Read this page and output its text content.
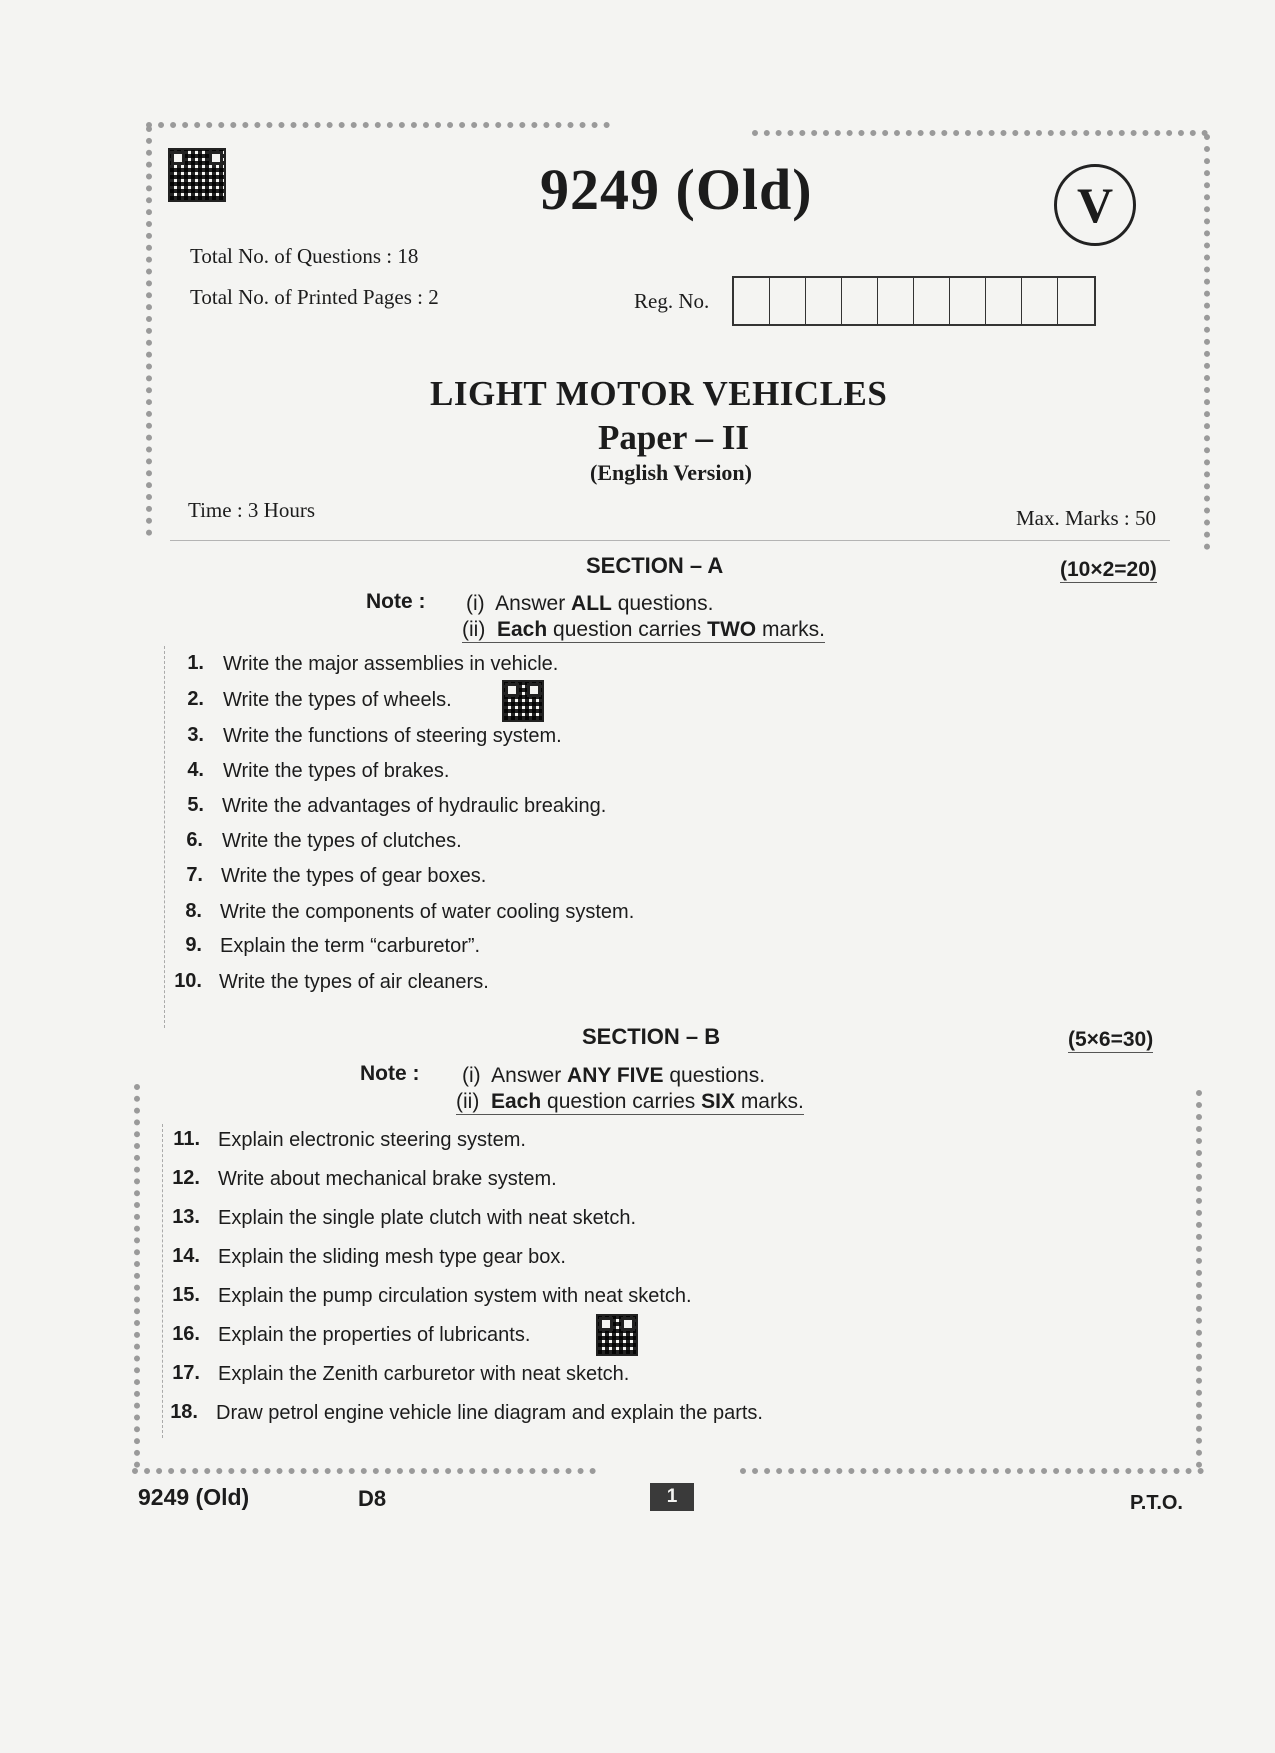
9249 (Old)	V
Total No. of Questions : 18
Total No. of Printed Pages : 2	Reg. No.
LIGHT MOTOR VEHICLES
Paper – II
(English Version)
Time : 3 Hours	Max. Marks : 50
SECTION – A	(10×2=20)
Note : (i) Answer ALL questions.
(ii) Each question carries TWO marks.
1. Write the major assemblies in vehicle.
2. Write the types of wheels.
3. Write the functions of steering system.
4. Write the types of brakes.
5. Write the advantages of hydraulic breaking.
6. Write the types of clutches.
7. Write the types of gear boxes.
8. Write the components of water cooling system.
9. Explain the term “carburetor”.
10. Write the types of air cleaners.
SECTION – B	(5×6=30)
Note : (i) Answer ANY FIVE questions.
(ii) Each question carries SIX marks.
11. Explain electronic steering system.
12. Write about mechanical brake system.
13. Explain the single plate clutch with neat sketch.
14. Explain the sliding mesh type gear box.
15. Explain the pump circulation system with neat sketch.
16. Explain the properties of lubricants.
17. Explain the Zenith carburetor with neat sketch.
18. Draw petrol engine vehicle line diagram and explain the parts.
9249 (Old)	D8	1	P.T.O.
